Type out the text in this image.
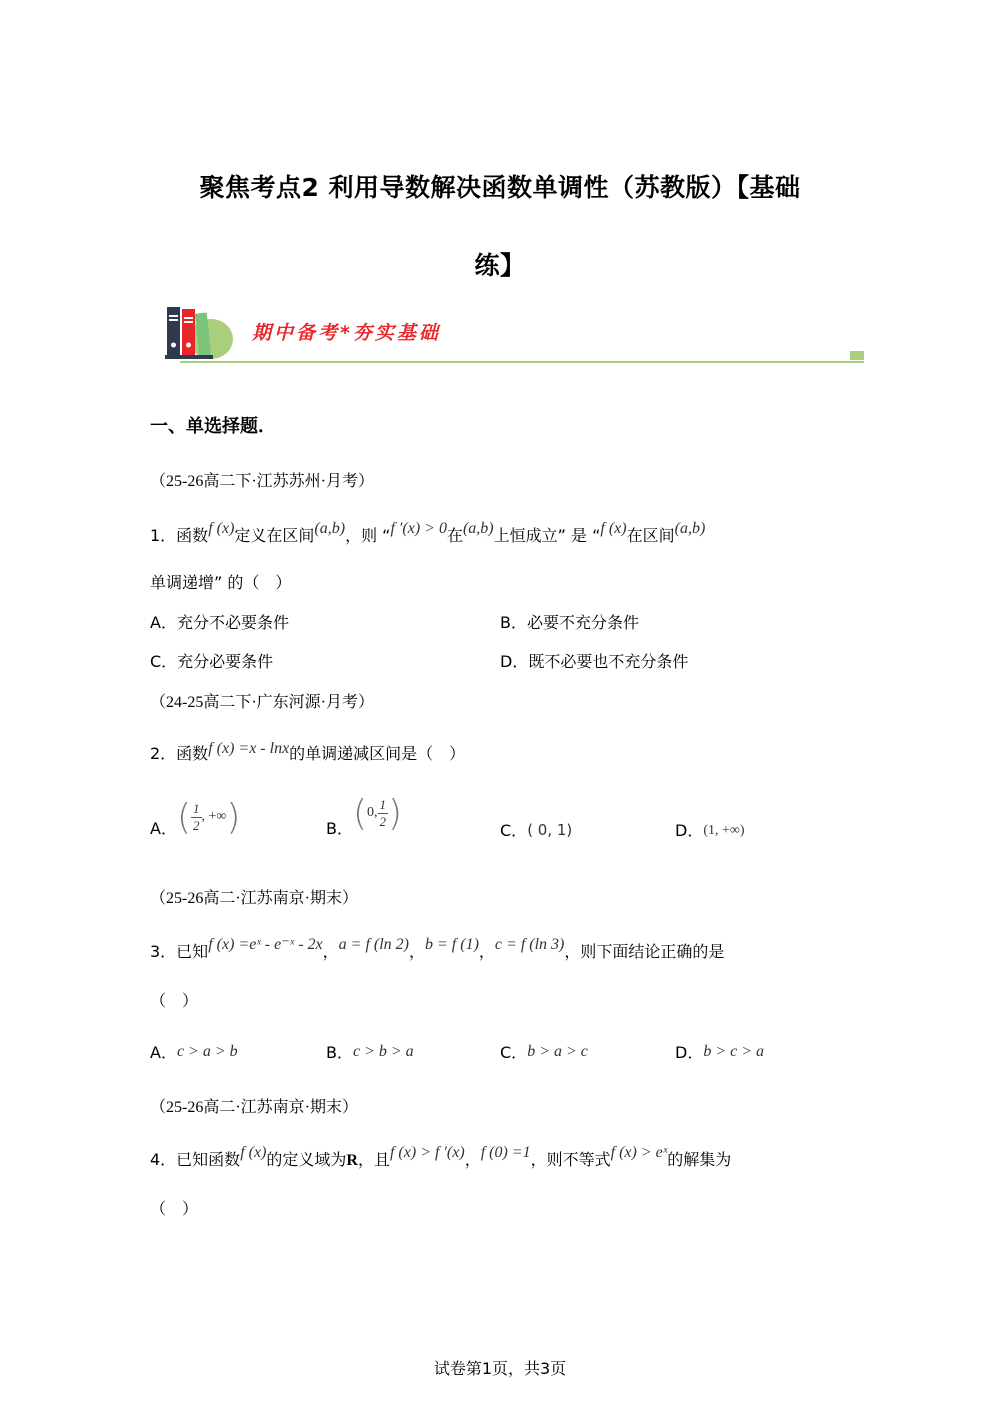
聚焦考点2 利用导数解决函数单调性（苏教版）【基础
练】
期中备考*夯实基础
一、单选择题．
（25-26高二下·江苏苏州·月考）
1．函数f (x)定义在区间(a,b)，则 “f ′(x) > 0在(a,b)上恒成立” 是 “f (x)在区间(a,b)
单调递增” 的（　）
A．充分不必要条件	B．必要不充分条件
C．充分必要条件	D．既不必要也不充分条件
（24-25高二下·广东河源·月考）
2．函数f (x) =x - lnx的单调递减区间是（　）
A． ( $\frac{1}{2}$ , +∞ )	B． ( 0, $\frac{1}{2}$ )	C．( 0, 1)	D．(1, +∞)
（25-26高二·江苏南京·期末）
3．已知f (x) =eˣ - e⁻ˣ - 2x，a = f (ln 2)，b = f (1)，c = f (ln 3)，则下面结论正确的是
（　）
A．c > a > b	B．c > b > a	C．b > a > c	D．b > c > a
（25-26高二·江苏南京·期末）
4．已知函数f (x)的定义域为R，且f (x) > f ′(x)，f (0) =1，则不等式f (x) > eˣ的解集为
（　）
试卷第1页，共3页
